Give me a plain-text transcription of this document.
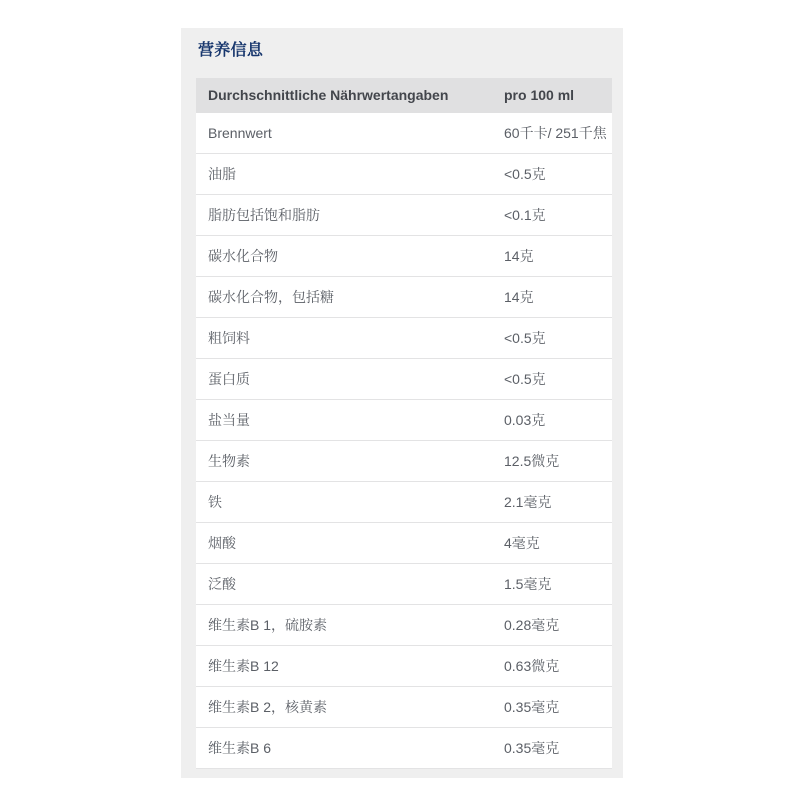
营养信息
Durchschnittliche Nährwertangaben	pro 100 ml
Brennwert	60千卡/ 251千焦
油脂	<0.5克
脂肪包括饱和脂肪	<0.1克
碳水化合物	14克
碳水化合物，包括糖	14克
粗饲料	<0.5克
蛋白质	<0.5克
盐当量	0.03克
生物素	12.5微克
铁	2.1毫克
烟酸	4毫克
泛酸	1.5毫克
维生素B 1，硫胺素	0.28毫克
维生素B 12	0.63微克
维生素B 2，核黄素	0.35毫克
维生素B 6	0.35毫克
